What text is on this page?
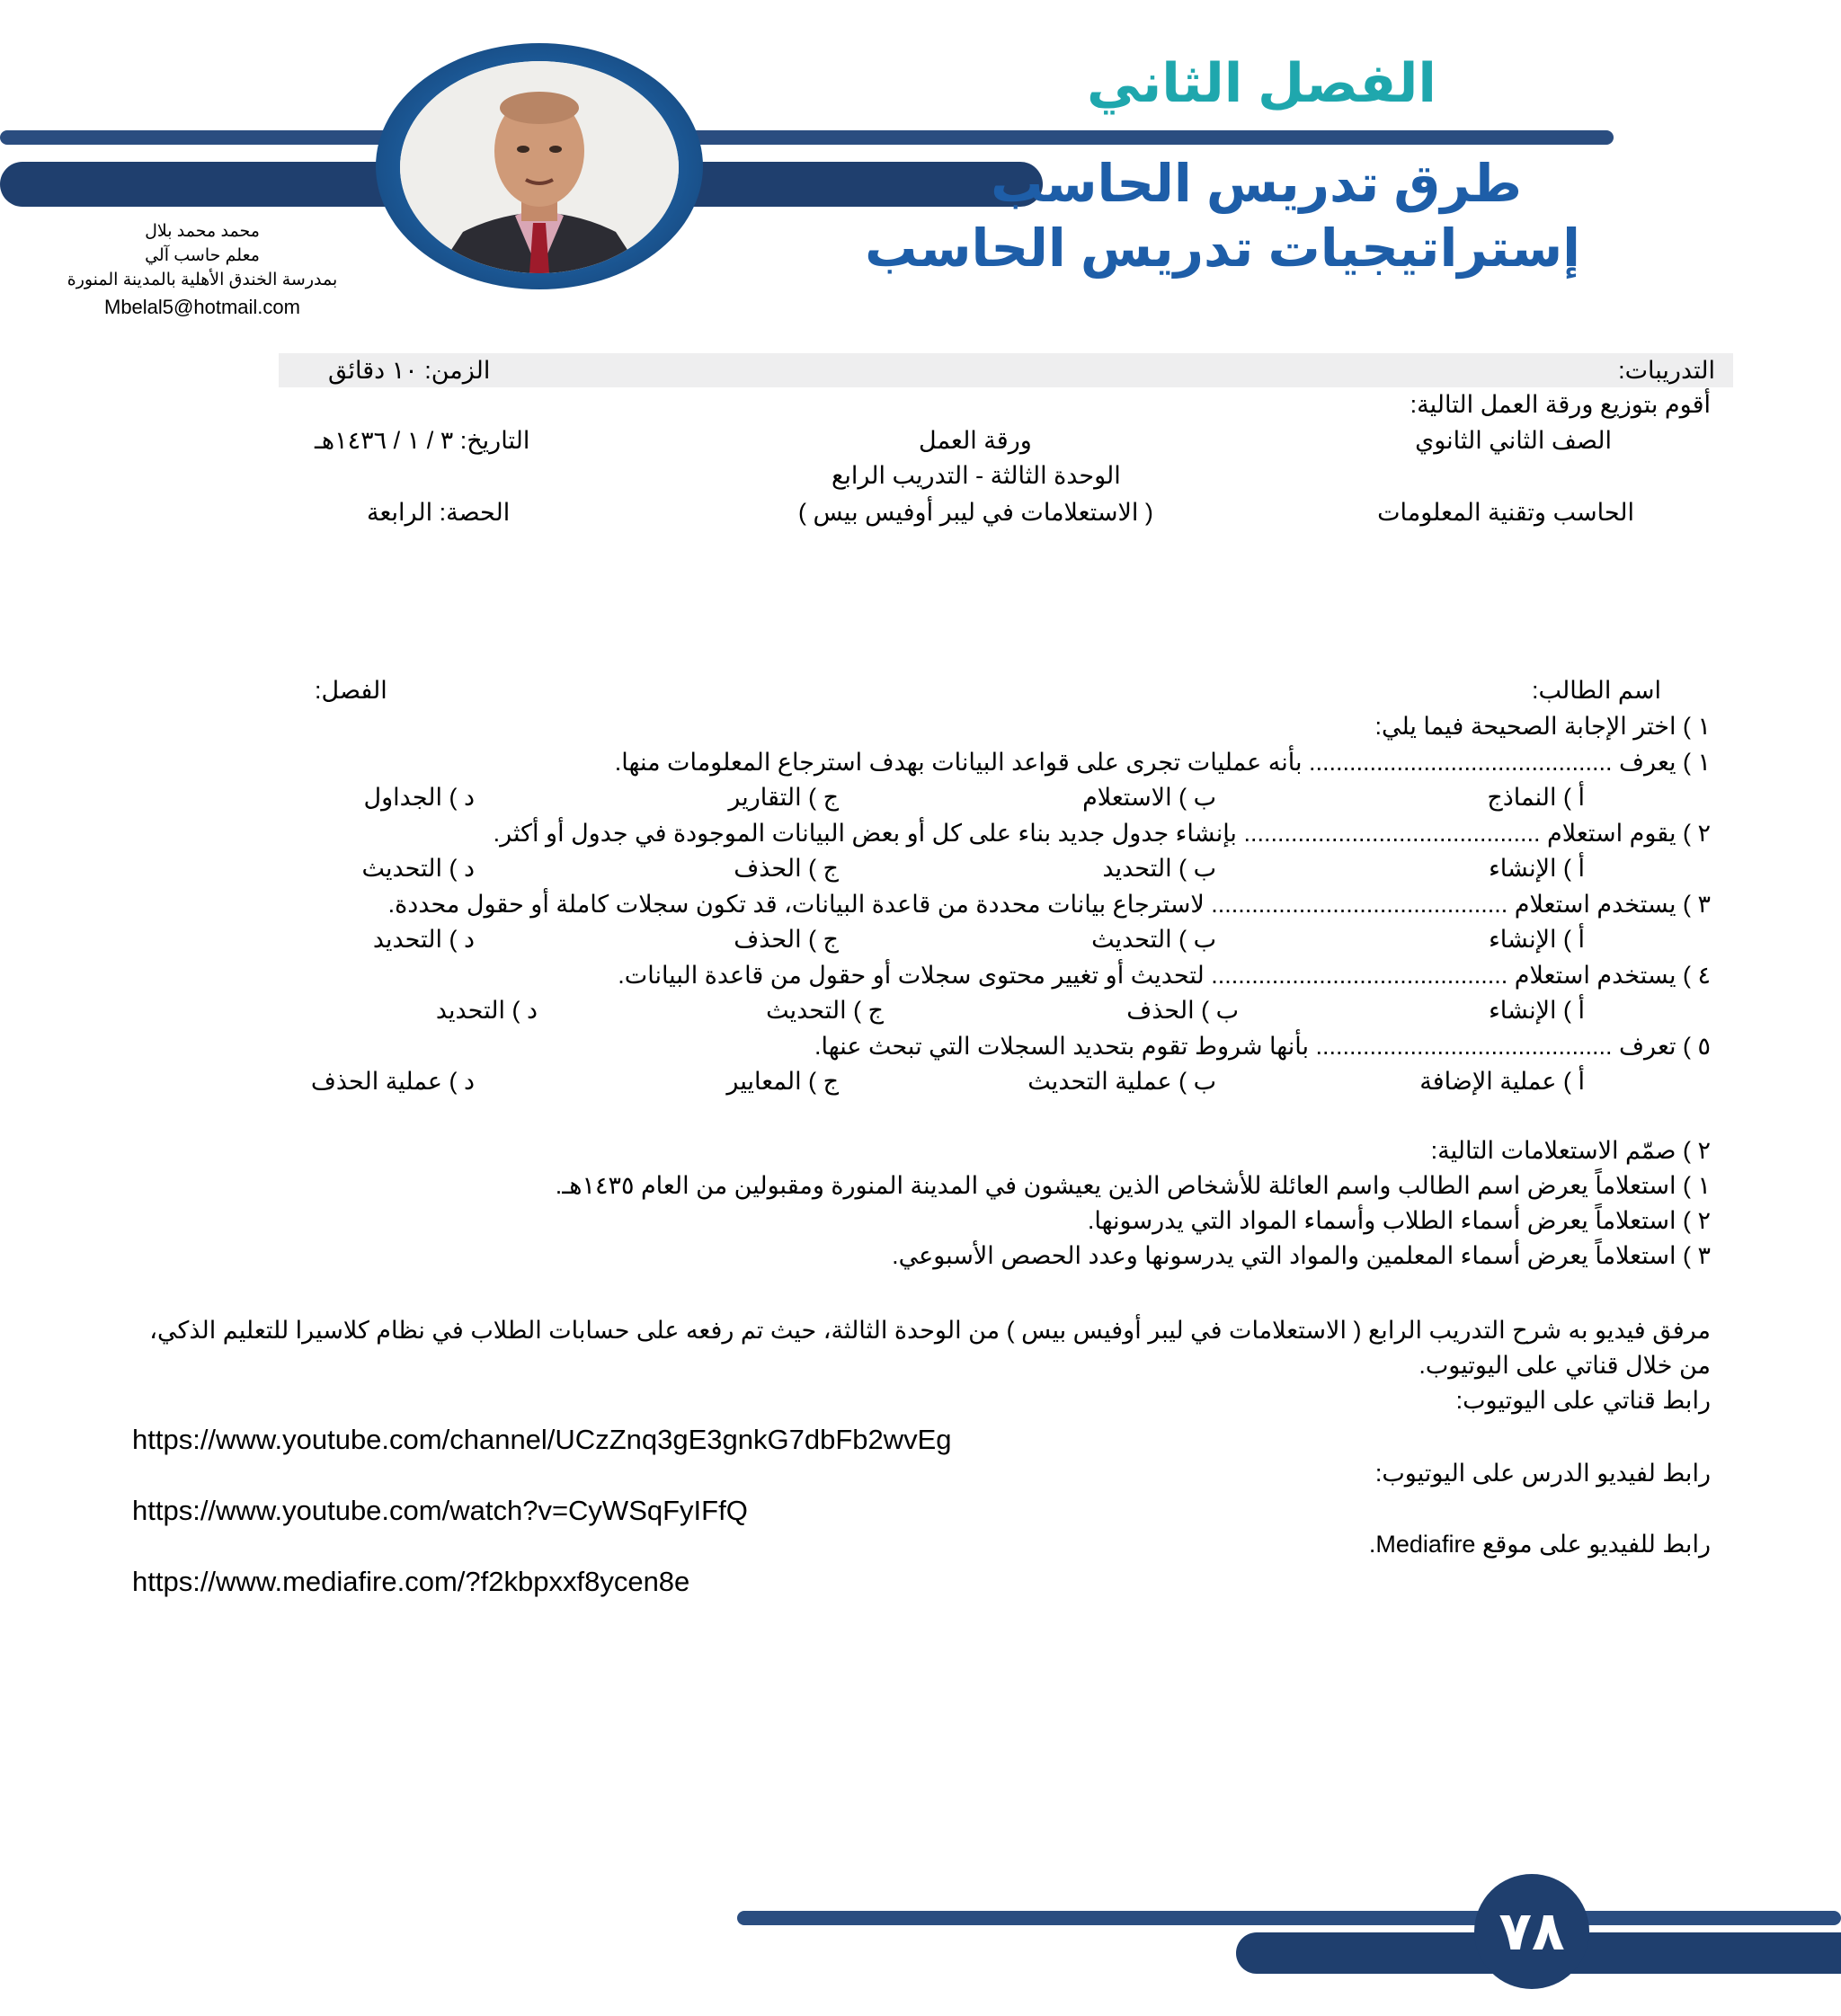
الفصل الثاني
طرق تدريس الحاسب
إستراتيجيات تدريس الحاسب
محمد محمد بلال
معلم حاسب آلي
بمدرسة الخندق الأهلية بالمدينة المنورة
Mbelal5@hotmail.com
التدريبات:
الزمن: ١٠ دقائق
أقوم بتوزيع ورقة العمل التالية:
الصف الثاني الثانوي
ورقة العمل
التاريخ: ٣ / ١ / ١٤٣٦هـ
الوحدة الثالثة - التدريب الرابع
الحاسب وتقنية المعلومات
( الاستعلامات في ليبر أوفيس بيس )
الحصة: الرابعة
اسم الطالب:
الفصل:
١ ) اختر الإجابة الصحيحة فيما يلي:
١ ) يعرف ............................................. بأنه عمليات تجرى على قواعد البيانات بهدف استرجاع المعلومات منها.
أ ) النماذج
ب ) الاستعلام
ج ) التقارير
د ) الجداول
٢ ) يقوم استعلام ............................................ بإنشاء جدول جديد بناء على كل أو بعض البيانات الموجودة في جدول أو أكثر.
أ ) الإنشاء
ب ) التحديد
ج ) الحذف
د ) التحديث
٣ ) يستخدم استعلام ............................................ لاسترجاع بيانات محددة من قاعدة البيانات، قد تكون سجلات كاملة أو حقول محددة.
أ ) الإنشاء
ب ) التحديث
ج ) الحذف
د ) التحديد
٤ ) يستخدم استعلام ............................................ لتحديث أو تغيير محتوى سجلات أو حقول من قاعدة البيانات.
أ ) الإنشاء
ب ) الحذف
ج ) التحديث
د ) التحديد
٥ ) تعرف ............................................ بأنها شروط تقوم بتحديد السجلات التي تبحث عنها.
أ ) عملية الإضافة
ب ) عملية التحديث
ج ) المعايير
د ) عملية الحذف
٢ ) صمّم الاستعلامات التالية:
١ ) استعلاماً يعرض اسم الطالب واسم العائلة للأشخاص الذين يعيشون في المدينة المنورة ومقبولين من العام ١٤٣٥هـ.
٢ ) استعلاماً يعرض أسماء الطلاب وأسماء المواد التي يدرسونها.
٣ ) استعلاماً يعرض أسماء المعلمين والمواد التي يدرسونها وعدد الحصص الأسبوعي.
مرفق فيديو به شرح التدريب الرابع ( الاستعلامات في ليبر أوفيس بيس ) من الوحدة الثالثة، حيث تم رفعه على حسابات الطلاب في نظام كلاسيرا للتعليم الذكي،
من خلال قناتي على اليوتيوب.
رابط قناتي على اليوتيوب:
https://www.youtube.com/channel/UCzZnq3gE3gnkG7dbFb2wvEg
رابط لفيديو الدرس على اليوتيوب:
https://www.youtube.com/watch?v=CyWSqFyIFfQ
رابط للفيديو على موقع Mediafire.
https://www.mediafire.com/?f2kbpxxf8ycen8e
٧٨
